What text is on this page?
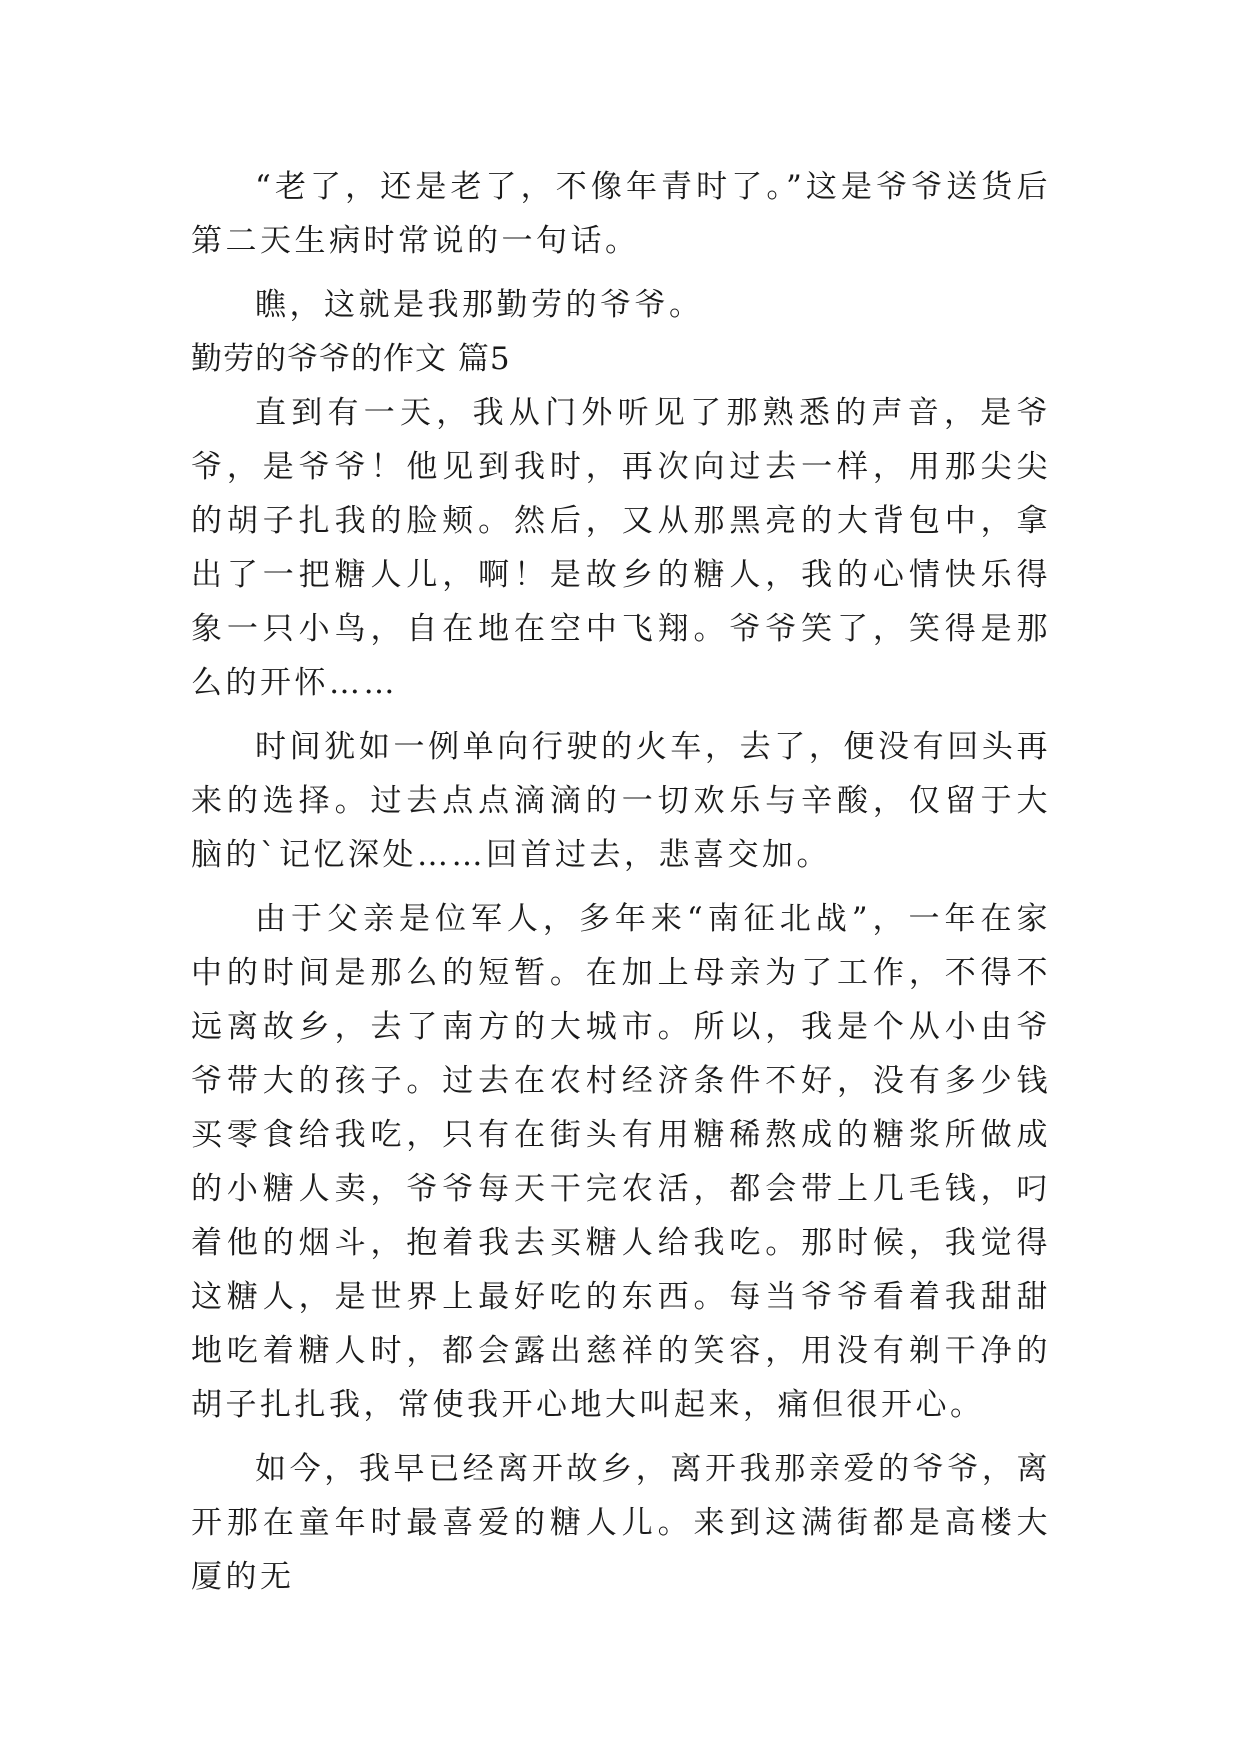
“老了，还是老了，不像年青时了。”这是爷爷送货后第二天生病时常说的一句话。

瞧，这就是我那勤劳的爷爷。

勤劳的爷爷的作文 篇5

直到有一天，我从门外听见了那熟悉的声音，是爷爷，是爷爷！他见到我时，再次向过去一样，用那尖尖的胡子扎我的脸颊。然后，又从那黑亮的大背包中，拿出了一把糖人儿，啊！是故乡的糖人，我的心情快乐得象一只小鸟，自在地在空中飞翔。爷爷笑了，笑得是那么的开怀……

时间犹如一例单向行驶的火车，去了，便没有回头再来的选择。过去点点滴滴的一切欢乐与辛酸，仅留于大脑的`记忆深处……回首过去，悲喜交加。

由于父亲是位军人，多年来“南征北战”，一年在家中的时间是那么的短暂。在加上母亲为了工作，不得不远离故乡，去了南方的大城市。所以，我是个从小由爷爷带大的孩子。过去在农村经济条件不好，没有多少钱买零食给我吃，只有在街头有用糖稀熬成的糖浆所做成的小糖人卖，爷爷每天干完农活，都会带上几毛钱，叼着他的烟斗，抱着我去买糖人给我吃。那时候，我觉得这糖人，是世界上最好吃的东西。每当爷爷看着我甜甜地吃着糖人时，都会露出慈祥的笑容，用没有剃干净的胡子扎扎我，常使我开心地大叫起来，痛但很开心。

如今，我早已经离开故乡，离开我那亲爱的爷爷，离开那在童年时最喜爱的糖人儿。来到这满街都是高楼大厦的无
